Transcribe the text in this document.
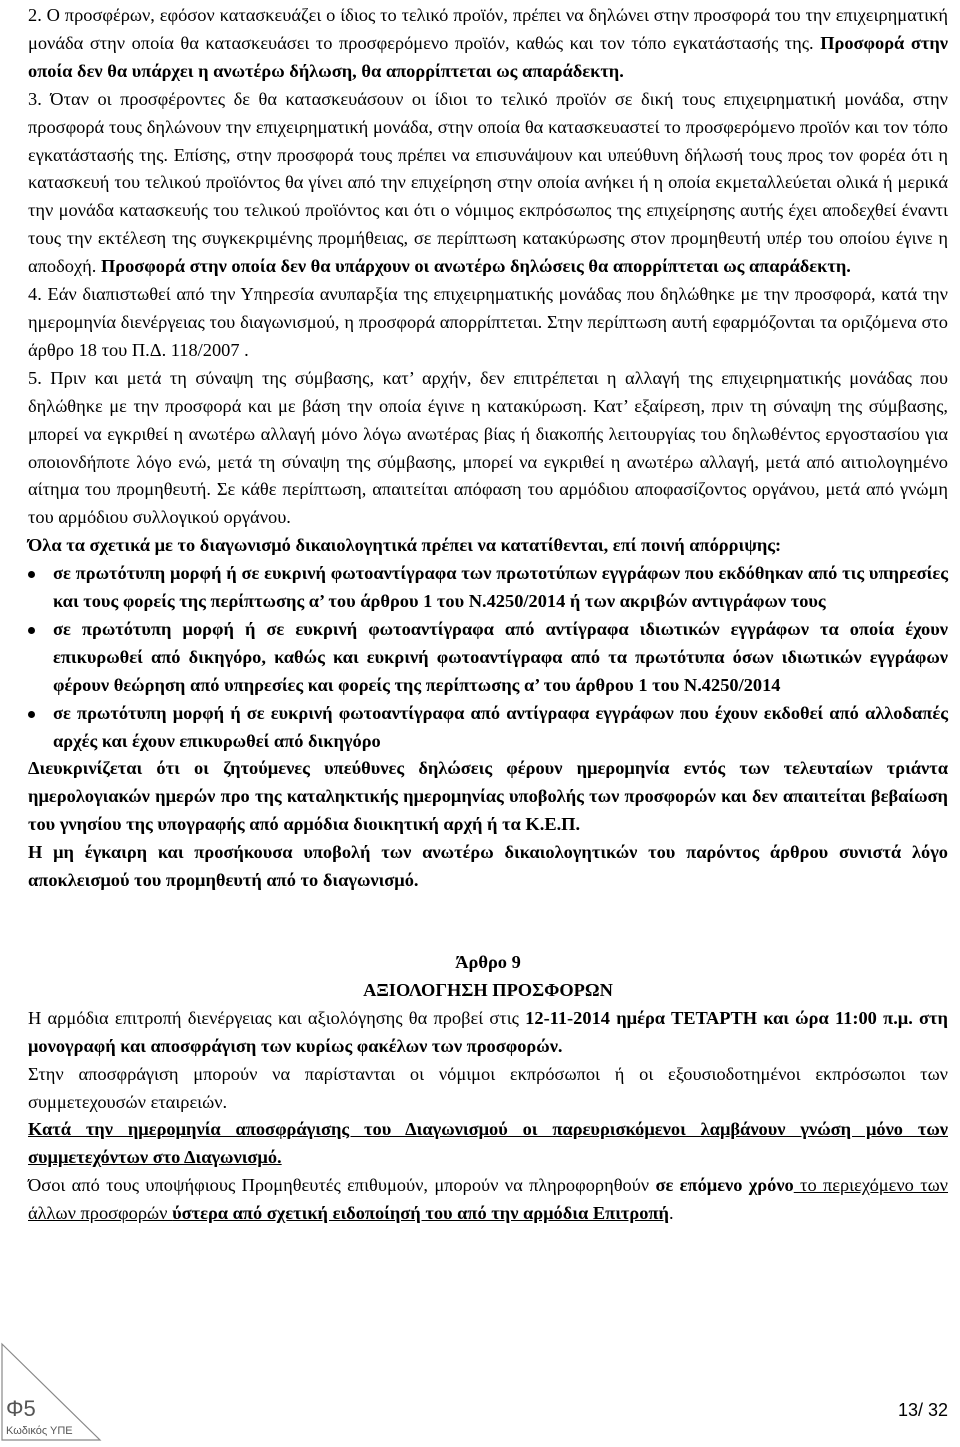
2. Ο προσφέρων, εφόσον κατασκευάζει ο ίδιος το τελικό προϊόν, πρέπει να δηλώνει στην προσφορά του την επιχειρηματική μονάδα στην οποία θα κατασκευάσει το προσφερόμενο προϊόν, καθώς και τον τόπο εγκατάστασής της. Προσφορά στην οποία δεν θα υπάρχει η ανωτέρω δήλωση, θα απορρίπτεται ως απαράδεκτη.

3. Όταν οι προσφέροντες δε θα κατασκευάσουν οι ίδιοι το τελικό προϊόν σε δική τους επιχειρηματική μονάδα, στην προσφορά τους δηλώνουν την επιχειρηματική μονάδα, στην οποία θα κατασκευαστεί το προσφερόμενο προϊόν και τον τόπο εγκατάστασής της. Επίσης, στην προσφορά τους πρέπει να επισυνάψουν και υπεύθυνη δήλωσή τους προς τον φορέα ότι η κατασκευή του τελικού προϊόντος θα γίνει από την επιχείρηση στην οποία ανήκει ή η οποία εκμεταλλεύεται ολικά ή μερικά την μονάδα κατασκευής του τελικού προϊόντος και ότι ο νόμιμος εκπρόσωπος της επιχείρησης αυτής έχει αποδεχθεί έναντι τους την εκτέλεση της συγκεκριμένης προμήθειας, σε περίπτωση κατακύρωσης στον προμηθευτή υπέρ του οποίου έγινε η αποδοχή. Προσφορά στην οποία δεν θα υπάρχουν οι ανωτέρω δηλώσεις θα απορρίπτεται ως απαράδεκτη.

4. Εάν διαπιστωθεί από την Υπηρεσία ανυπαρξία της επιχειρηματικής μονάδας που δηλώθηκε με την προσφορά, κατά την ημερομηνία διενέργειας του διαγωνισμού, η προσφορά απορρίπτεται. Στην περίπτωση αυτή εφαρμόζονται τα οριζόμενα στο άρθρο 18 του Π.Δ. 118/2007 .

5. Πριν και μετά τη σύναψη της σύμβασης, κατ’ αρχήν, δεν επιτρέπεται η αλλαγή της επιχειρηματικής μονάδας που δηλώθηκε με την προσφορά και με βάση την οποία έγινε η κατακύρωση. Κατ’ εξαίρεση, πριν τη σύναψη της σύμβασης, μπορεί να εγκριθεί η ανωτέρω αλλαγή μόνο λόγω ανωτέρας βίας ή διακοπής λειτουργίας του δηλωθέντος εργοστασίου για οποιονδήποτε λόγο ενώ, μετά τη σύναψη της σύμβασης, μπορεί να εγκριθεί η ανωτέρω αλλαγή, μετά από αιτιολογημένο αίτημα του προμηθευτή. Σε κάθε περίπτωση, απαιτείται απόφαση του αρμόδιου αποφασίζοντος οργάνου, μετά από γνώμη του αρμόδιου συλλογικού οργάνου.

Όλα τα σχετικά με το διαγωνισμό δικαιολογητικά πρέπει να κατατίθενται, επί ποινή απόρριψης:

σε πρωτότυπη μορφή ή σε ευκρινή φωτοαντίγραφα των πρωτοτύπων εγγράφων που εκδόθηκαν από τις υπηρεσίες και τους φορείς της περίπτωσης α’ του άρθρου 1 του Ν.4250/2014 ή των ακριβών αντιγράφων τους
σε πρωτότυπη μορφή ή σε ευκρινή φωτοαντίγραφα από αντίγραφα ιδιωτικών εγγράφων τα οποία έχουν επικυρωθεί από δικηγόρο, καθώς και ευκρινή φωτοαντίγραφα από τα πρωτότυπα όσων ιδιωτικών εγγράφων φέρουν θεώρηση από υπηρεσίες και φορείς της περίπτωσης α’ του άρθρου 1 του Ν.4250/2014
σε πρωτότυπη μορφή ή σε ευκρινή φωτοαντίγραφα από αντίγραφα εγγράφων που έχουν εκδοθεί από αλλοδαπές αρχές και έχουν επικυρωθεί από δικηγόρο

Διευκρινίζεται ότι οι ζητούμενες υπεύθυνες δηλώσεις φέρουν ημερομηνία εντός των τελευταίων τριάντα ημερολογιακών ημερών προ της καταληκτικής ημερομηνίας υποβολής των προσφορών και δεν απαιτείται βεβαίωση του γνησίου της υπογραφής από αρμόδια διοικητική αρχή ή τα Κ.Ε.Π.

Η μη έγκαιρη και προσήκουσα υποβολή των ανωτέρω δικαιολογητικών του παρόντος άρθρου συνιστά λόγο αποκλεισμού του προμηθευτή από το διαγωνισμό.

Άρθρο 9

ΑΞΙΟΛΟΓΗΣΗ ΠΡΟΣΦΟΡΩΝ

Η αρμόδια επιτροπή διενέργειας και αξιολόγησης θα προβεί στις 12-11-2014 ημέρα ΤΕΤΑΡΤΗ και ώρα 11:00 π.μ. στη μονογραφή και αποσφράγιση των κυρίως φακέλων των προσφορών.

Στην αποσφράγιση μπορούν να παρίστανται οι νόμιμοι εκπρόσωποι ή οι εξουσιοδοτημένοι εκπρόσωποι των συμμετεχουσών εταιρειών.

Κατά την ημερομηνία αποσφράγισης του Διαγωνισμού οι παρευρισκόμενοι λαμβάνουν γνώση μόνο των συμμετεχόντων στο Διαγωνισμό.

Όσοι από τους υποψήφιους Προμηθευτές επιθυμούν, μπορούν να πληροφορηθούν σε επόμενο χρόνο το περιεχόμενο των άλλων προσφορών ύστερα από σχετική ειδοποίησή του από την αρμόδια Επιτροπή.

Φ5
Κωδικός ΥΠΕ
13/ 32
